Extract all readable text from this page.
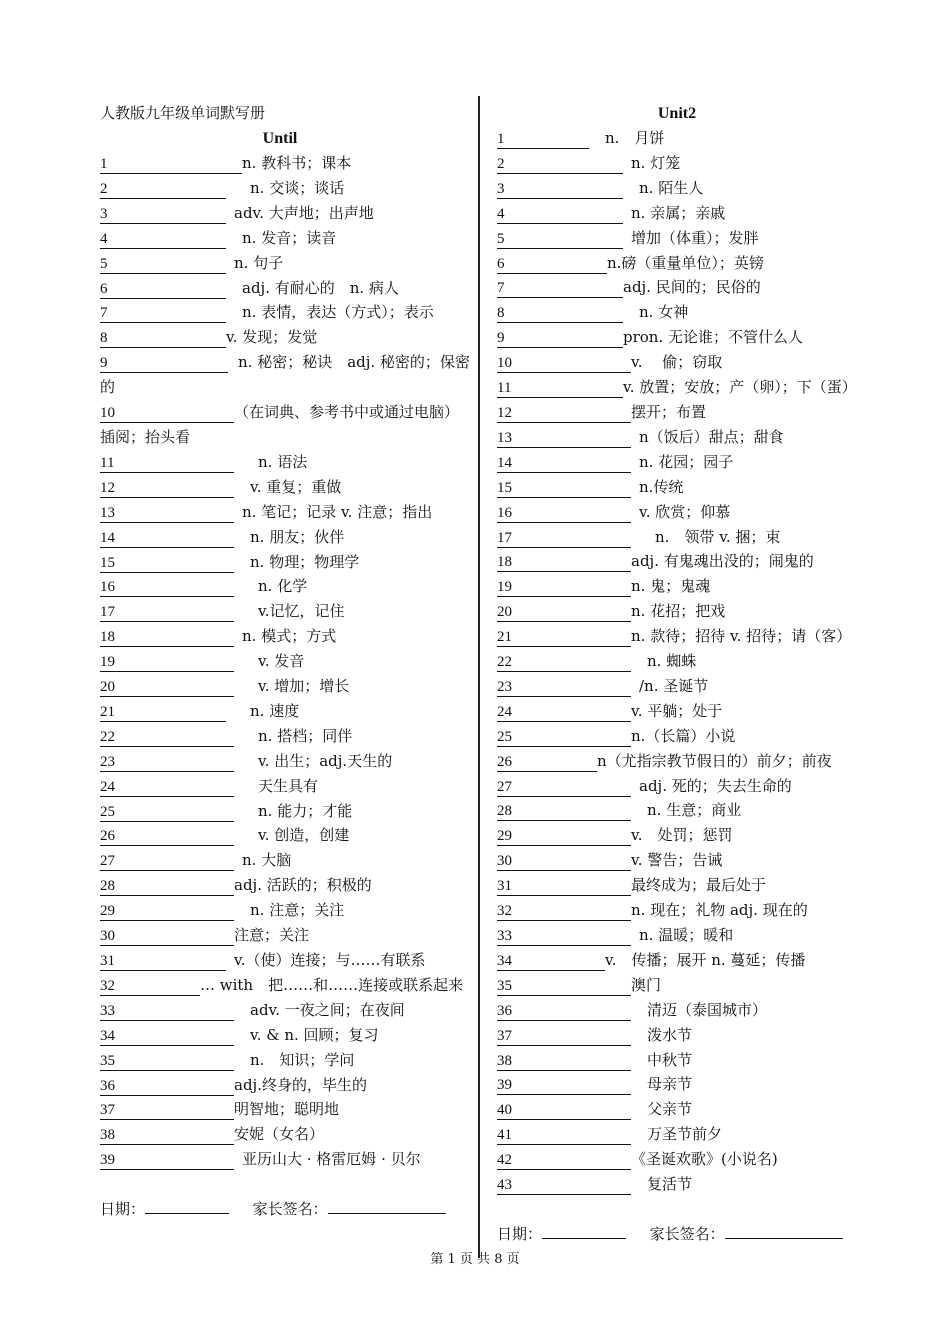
人教版九年级单词默写册
Until
1	n. 教科书；课本
2	n. 交谈；谈话
3	adv. 大声地；出声地
4	n. 发音；读音
5	n. 句子
6	adj. 有耐心的　n. 病人
7	n. 表情，表达（方式）；表示
8	v. 发现；发觉
9	n. 秘密；秘诀　adj. 秘密的；保密的
10	（在词典、参考书中或通过电脑）插阅；抬头看
11	n. 语法
12	v. 重复；重做
13	n. 笔记；记录 v. 注意；指出
14	n. 朋友；伙伴
15	n. 物理；物理学
16	n. 化学
17	v.记忆，记住
18	n. 模式；方式
19	v. 发音
20	v. 增加；增长
21	n. 速度
22	n. 搭档；同伴
23	v. 出生；adj.天生的
24	天生具有
25	n. 能力；才能
26	v. 创造，创建
27	n. 大脑
28	adj. 活跃的；积极的
29	n. 注意；关注
30	注意；关注
31	v.（使）连接；与……有联系
32	… with　把……和……连接或联系起来
33	adv. 一夜之间；在夜间
34	v. & n. 回顾；复习
35	n.　知识；学问
36	adj.终身的，毕生的
37	明智地；聪明地
38	安妮（女名）
39	亚历山大 · 格雷厄姆 · 贝尔
Unit2
1	n.　月饼
2	n. 灯笼
3	n. 陌生人
4	n. 亲属；亲戚
5	增加（体重）；发胖
6	n.磅（重量单位）；英镑
7	adj. 民间的；民俗的
8	n. 女神
9	pron. 无论谁；不管什么人
10	v.　 偷；窃取
11	v. 放置；安放；产（卵）；下（蛋）
12	摆开；布置
13	n（饭后）甜点；甜食
14	n. 花园；园子
15	n.传统
16	v. 欣赏；仰慕
17	n.　领带 v. 捆；束
18	adj. 有鬼魂出没的；闹鬼的
19	n. 鬼；鬼魂
20	n. 花招；把戏
21	n. 款待；招待 v. 招待；请（客）
22	n. 蜘蛛
23	/n. 圣诞节
24	v. 平躺；处于
25	n.（长篇）小说
26	n（尤指宗教节假日的）前夕；前夜
27	adj. 死的；失去生命的
28	n. 生意；商业
29	v.　处罚；惩罚
30	v. 警告；告诫
31	最终成为；最后处于
32	n. 现在；礼物 adj. 现在的
33	n. 温暖；暖和
34	v.　传播；展开 n. 蔓延；传播
35	澳门
36	清迈（泰国城市）
37	泼水节
38	中秋节
39	母亲节
40	父亲节
41	万圣节前夕
42	《圣诞欢歌》(小说名)
43	复活节
日期：	家长签名：
日期：	家长签名：
第 1 页 共 8 页
